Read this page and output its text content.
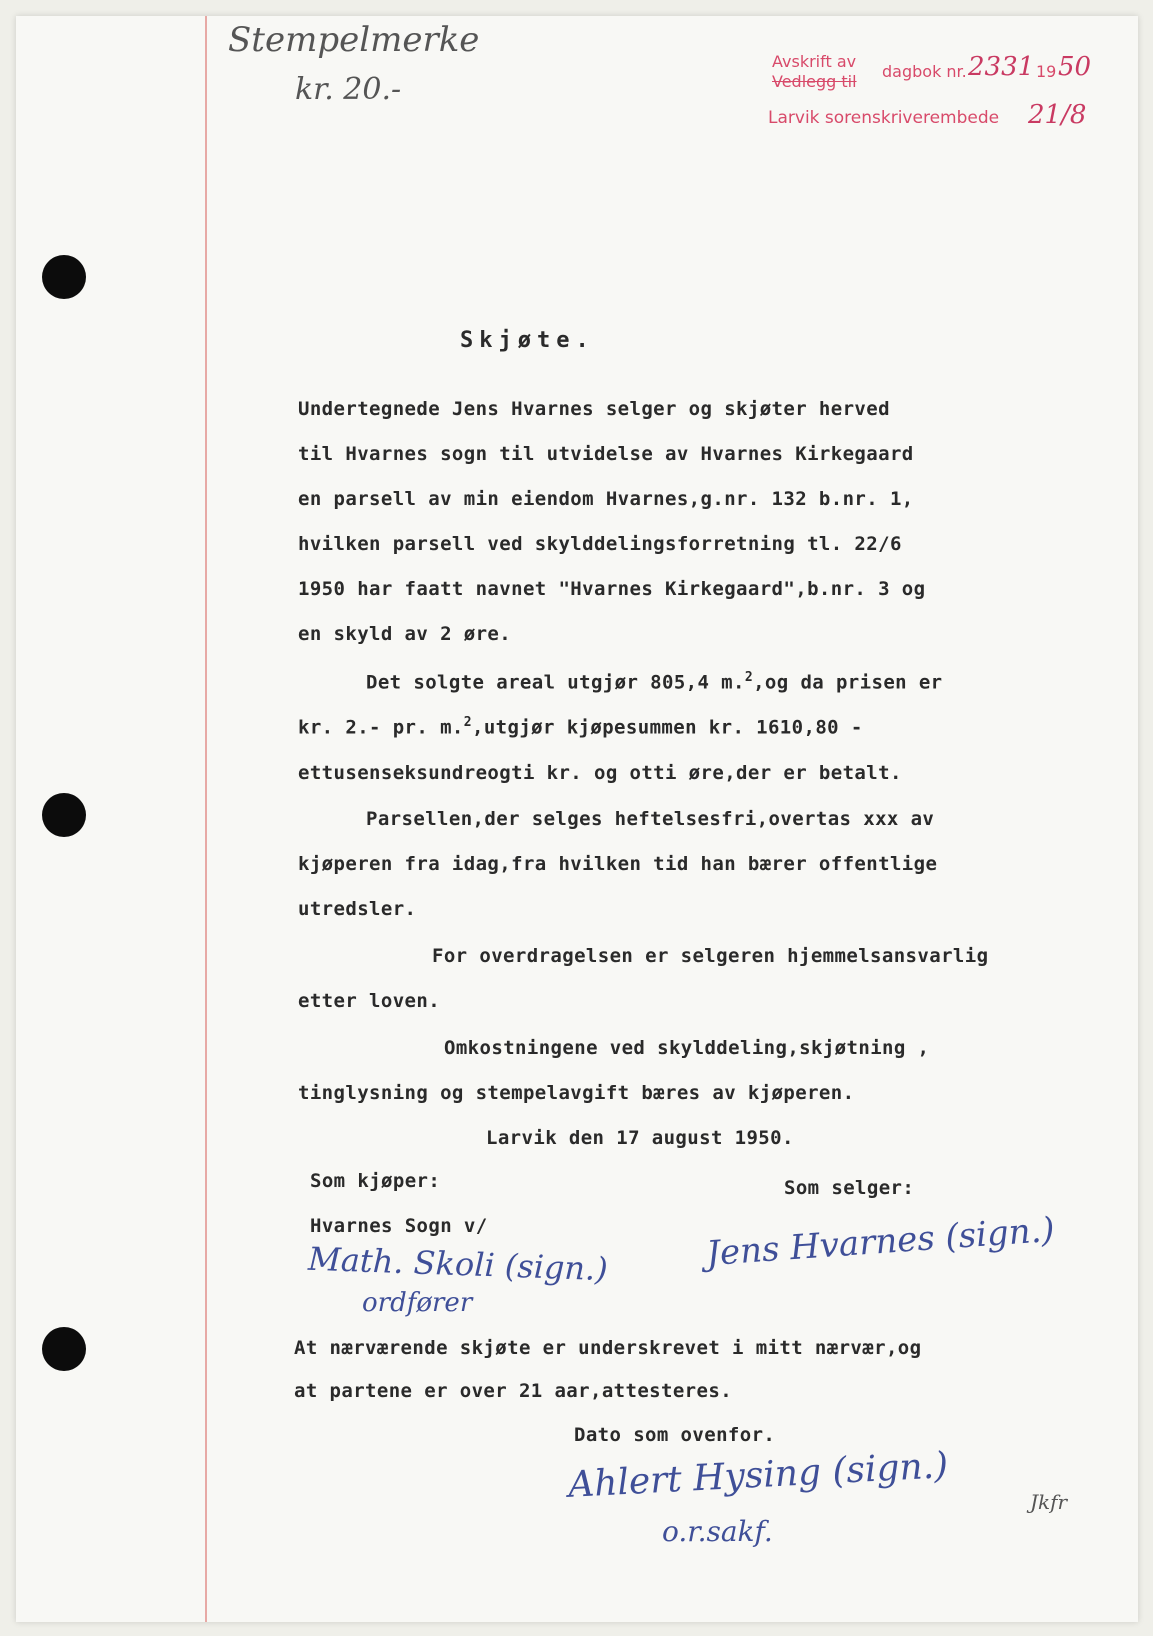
Stempelmerke
kr. 20.-
Avskrift av
Vedlegg til
dagbok nr. 2331 19 50
Larvik sorenskriverembede 21/8
Skjøte.
Undertegnede Jens Hvarnes selger og skjøter herved
til Hvarnes sogn til utvidelse av Hvarnes Kirkegaard
en parsell av min eiendom Hvarnes,g.nr. 132 b.nr. 1,
hvilken parsell ved skylddelingsforretning tl. 22/6
1950 har faatt navnet "Hvarnes Kirkegaard",b.nr. 3 og
en skyld av 2 øre.
Det solgte areal utgjør 805,4 m.$^2$,og da prisen er
kr. 2.- pr. m.$^2$,utgjør kjøpesummen kr. 1610,80 -
ettusenseksundreogti kr. og otti øre,der er betalt.
Parsellen,der selges heftelsesfri,overtas xxx av
kjøperen fra idag,fra hvilken tid han bærer offentlige
utredsler.
For overdragelsen er selgeren hjemmelsansvarlig
etter loven.
Omkostningene ved skylddeling,skjøtning ,
tinglysning og stempelavgift bæres av kjøperen.
Larvik den 17 august 1950.
Som kjøper:	Som selger:
Hvarnes Sogn v/
Math. Skoli (sign.)
ordfører
Jens Hvarnes (sign.)
At nærværende skjøte er underskrevet i mitt nærvær,og
at partene er over 21 aar,attesteres.
Dato som ovenfor.
Ahlert Hysing (sign.)
o.r.sakf.
Jkfr
